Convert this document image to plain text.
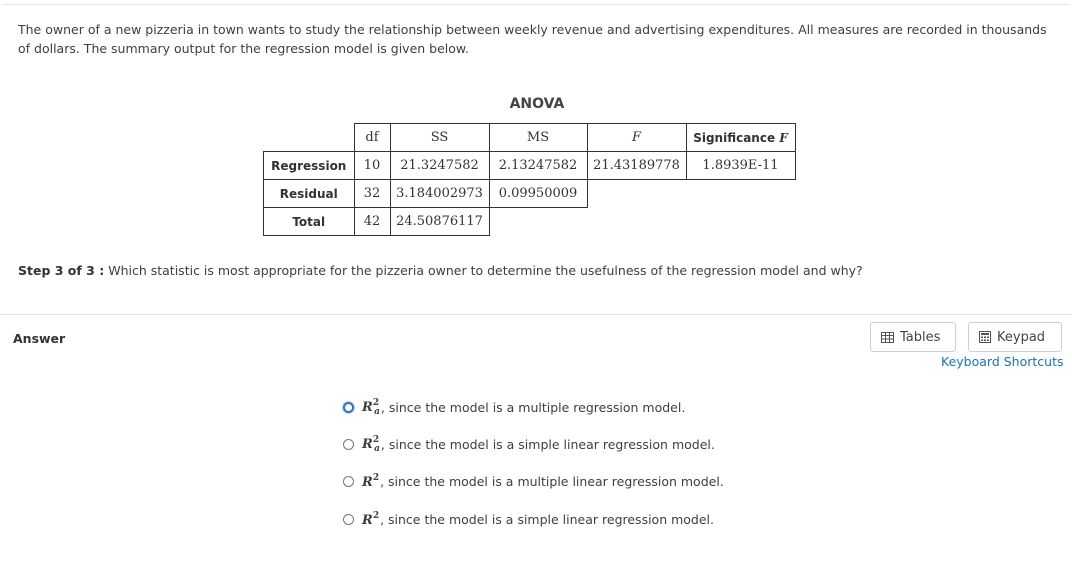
The owner of a new pizzeria in town wants to study the relationship between weekly revenue and advertising expenditures. All measures are recorded in thousands of dollars. The summary output for the regression model is given below.
ANOVA
	df	SS	MS	F	Significance F
Regression	10	21.3247582	2.13247582	21.43189778	1.8939E-11
Residual	32	3.184002973	0.09950009		
Total	42	24.50876117			
Step 3 of 3 : Which statistic is most appropriate for the pizzeria owner to determine the usefulness of the regression model and why?
Answer	Tables	Keypad
Keyboard Shortcuts
$R^2_a$ , since the model is a multiple regression model.
$R^2_a$ , since the model is a simple linear regression model.
$R^2$ , since the model is a multiple linear regression model.
$R^2$ , since the model is a simple linear regression model.
